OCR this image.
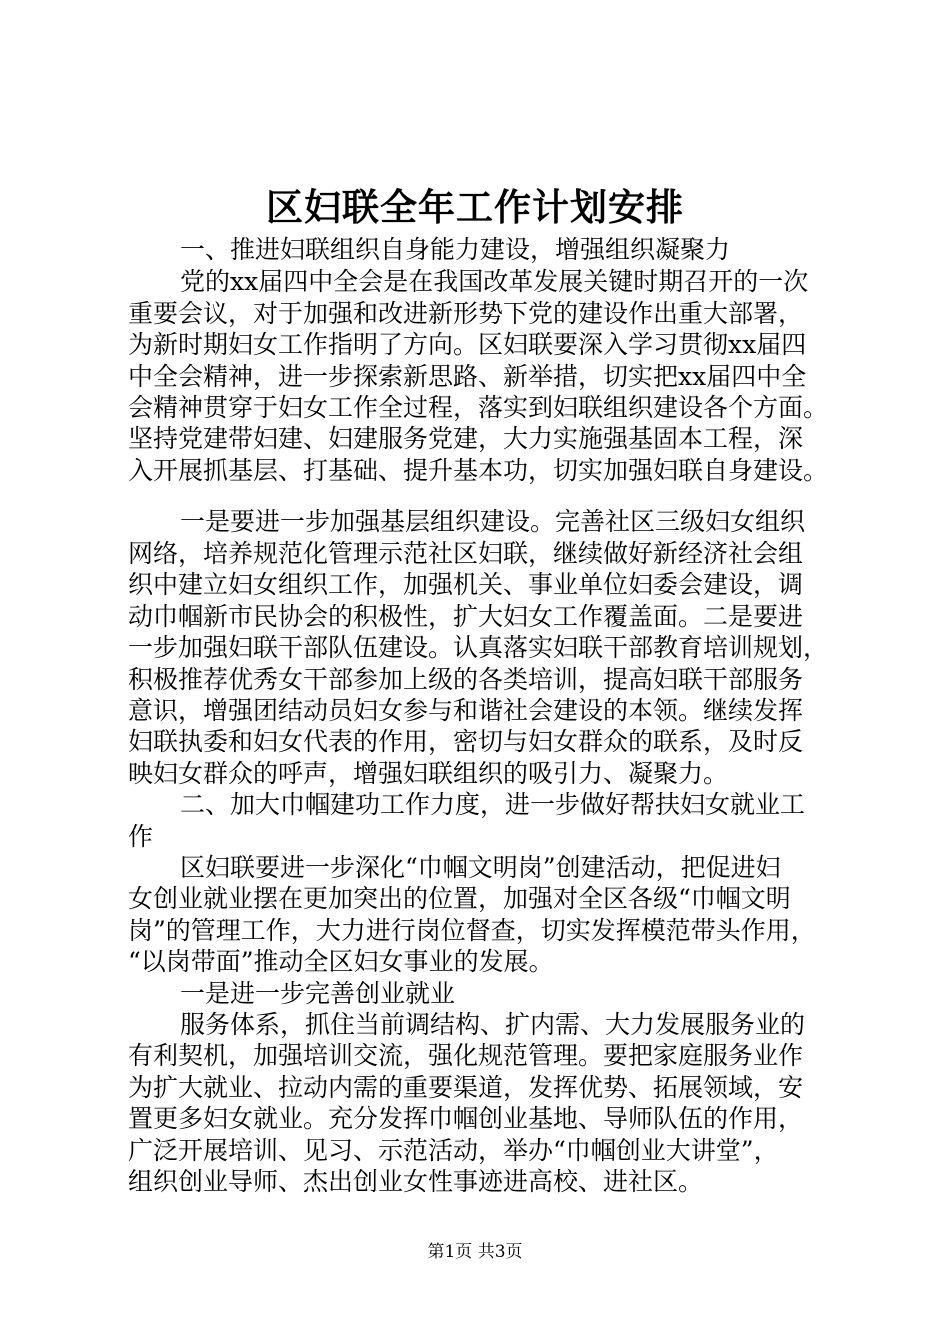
区妇联全年工作计划安排
一、推进妇联组织自身能力建设，增强组织凝聚力
党的xx届四中全会是在我国改革发展关键时期召开的一次
重要会议，对于加强和改进新形势下党的建设作出重大部署，
为新时期妇女工作指明了方向。区妇联要深入学习贯彻xx届四
中全会精神，进一步探索新思路、新举措，切实把xx届四中全
会精神贯穿于妇女工作全过程，落实到妇联组织建设各个方面。
坚持党建带妇建、妇建服务党建，大力实施强基固本工程，深
入开展抓基层、打基础、提升基本功，切实加强妇联自身建设。
一是要进一步加强基层组织建设。完善社区三级妇女组织
网络，培养规范化管理示范社区妇联，继续做好新经济社会组
织中建立妇女组织工作，加强机关、事业单位妇委会建设，调
动巾帼新市民协会的积极性，扩大妇女工作覆盖面。二是要进
一步加强妇联干部队伍建设。认真落实妇联干部教育培训规划，
积极推荐优秀女干部参加上级的各类培训，提高妇联干部服务
意识，增强团结动员妇女参与和谐社会建设的本领。继续发挥
妇联执委和妇女代表的作用，密切与妇女群众的联系，及时反
映妇女群众的呼声，增强妇联组织的吸引力、凝聚力。
二、加大巾帼建功工作力度，进一步做好帮扶妇女就业工
作
区妇联要进一步深化“巾帼文明岗”创建活动，把促进妇
女创业就业摆在更加突出的位置，加强对全区各级“巾帼文明
岗”的管理工作，大力进行岗位督查，切实发挥模范带头作用，
“以岗带面”推动全区妇女事业的发展。
一是进一步完善创业就业
服务体系，抓住当前调结构、扩内需、大力发展服务业的
有利契机，加强培训交流，强化规范管理。要把家庭服务业作
为扩大就业、拉动内需的重要渠道，发挥优势、拓展领域，安
置更多妇女就业。充分发挥巾帼创业基地、导师队伍的作用，
广泛开展培训、见习、示范活动，举办“巾帼创业大讲堂”，
组织创业导师、杰出创业女性事迹进高校、进社区。
第1页 共3页
